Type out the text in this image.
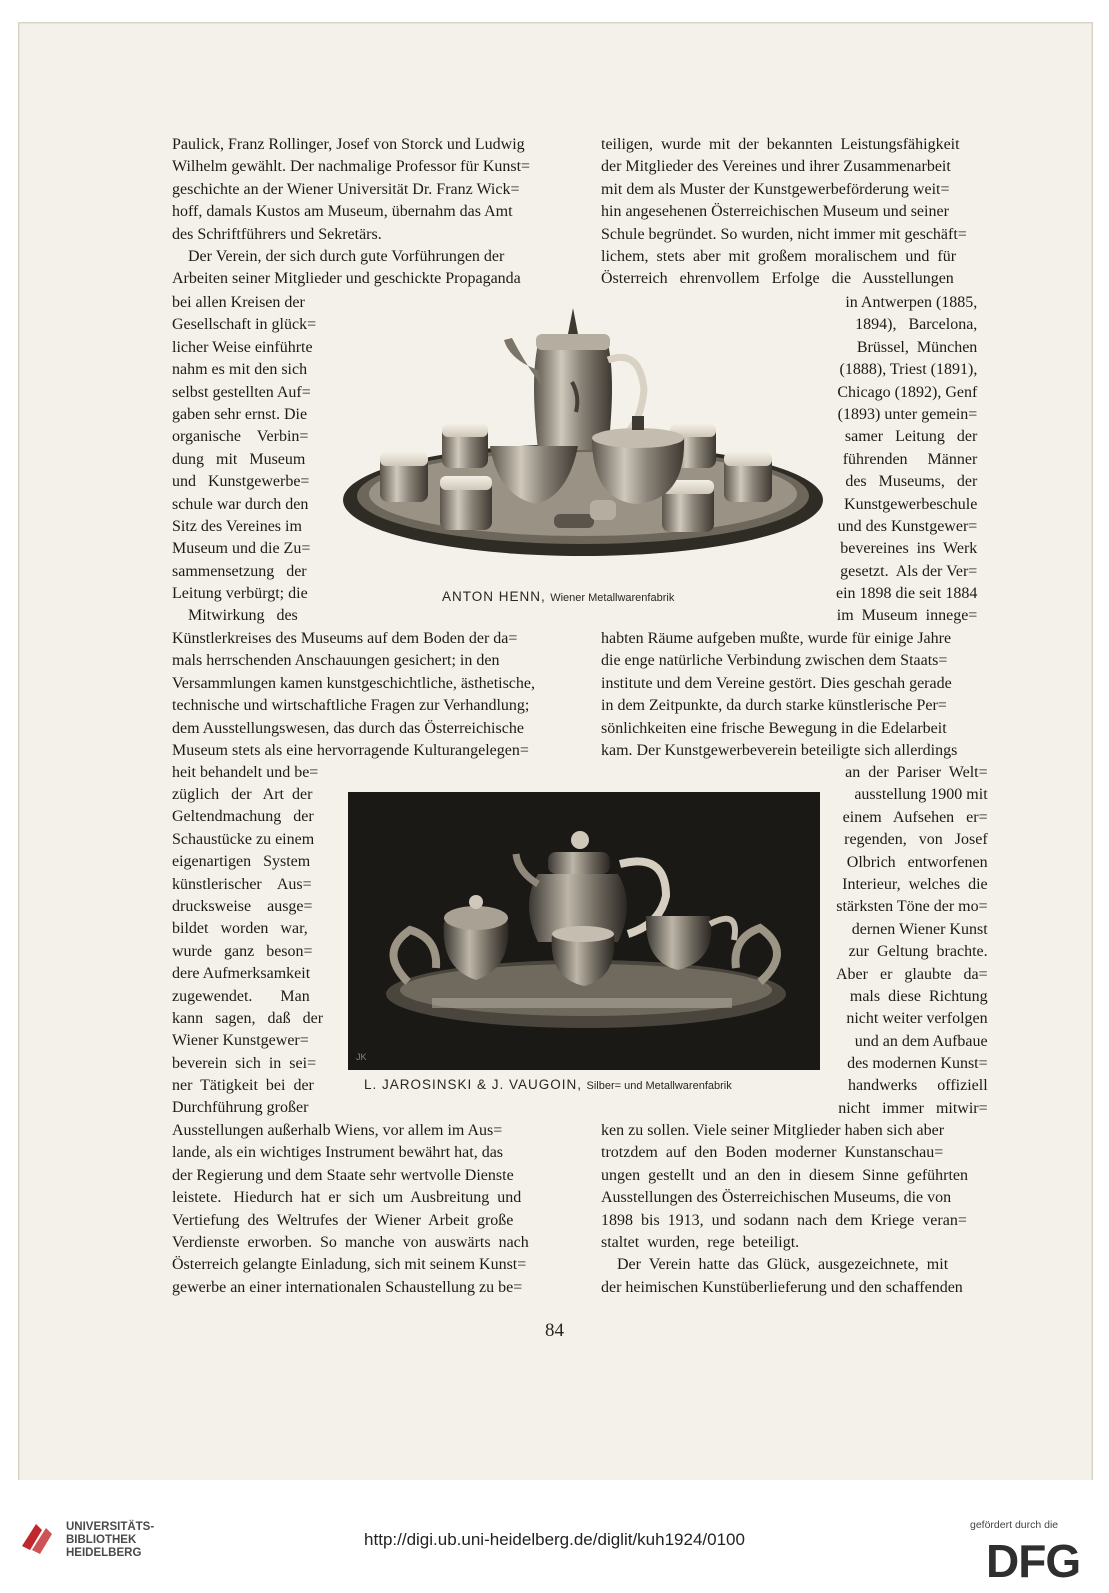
Paulick, Franz Rollinger, Josef von Storck und Ludwig
Wilhelm gewählt. Der nachmalige Professor für Kunst=
geschichte an der Wiener Universität Dr. Franz Wick=
hoff, damals Kustos am Museum, übernahm das Amt
des Schriftführers und Sekretärs.
Der Verein, der sich durch gute Vorführungen der
Arbeiten seiner Mitglieder und geschickte Propaganda
bei allen Kreisen der
Gesellschaft in glück=
licher Weise einführte
nahm es mit den sich
selbst gestellten Auf=
gaben sehr ernst. Die
organische    Verbin=
dung   mit   Museum
und   Kunstgewerbe=
schule war durch den
Sitz des Vereines im
Museum und die Zu=
sammensetzung   der
Leitung verbürgt; die
Mitwirkung   des
Künstlerkreises des Museums auf dem Boden der da=
mals herrschenden Anschauungen gesichert; in den
Versammlungen kamen kunstgeschichtliche, ästhetische,
technische und wirtschaftliche Fragen zur Verhandlung;
dem Ausstellungswesen, das durch das Österreichische
Museum stets als eine hervorragende Kulturangelegen=
heit behandelt und be=
züglich   der   Art  der
Geltendmachung   der
Schaustücke zu einem
eigenartigen   System
künstlerischer    Aus=
drucksweise    ausge=
bildet   worden   war,
wurde   ganz   beson=
dere Aufmerksamkeit
zugewendet.       Man
kann   sagen,   daß   der
Wiener Kunstgewer=
beverein  sich  in  sei=
ner  Tätigkeit  bei  der
Durchführung großer
Ausstellungen außerhalb Wiens, vor allem im Aus=
lande, als ein wichtiges Instrument bewährt hat, das
der Regierung und dem Staate sehr wertvolle Dienste
leistete.   Hiedurch  hat  er  sich  um  Ausbreitung  und
Vertiefung  des  Weltrufes  der  Wiener  Arbeit  große
Verdienste  erworben.  So  manche  von  auswärts  nach
Österreich gelangte Einladung, sich mit seinem Kunst=
gewerbe an einer internationalen Schaustellung zu be=
teiligen,  wurde  mit  der  bekannten  Leistungsfähigkeit
der Mitglieder des Vereines und ihrer Zusammenarbeit
mit dem als Muster der Kunstgewerbeförderung weit=
hin angesehenen Österreichischen Museum und seiner
Schule begründet. So wurden, nicht immer mit geschäft=
lichem,  stets  aber  mit  großem  moralischem  und  für
Österreich   ehrenvollem   Erfolge   die   Ausstellungen
in Antwerpen (1885,
1894),   Barcelona,
Brüssel,  München
(1888), Triest (1891),
Chicago (1892), Genf
(1893) unter gemein=
samer   Leitung   der
führenden     Männer
des   Museums,   der
Kunstgewerbeschule
und des Kunstgewer=
bevereines  ins  Werk
gesetzt.  Als der Ver=
ein 1898 die seit 1884
im  Museum  innege=
habten Räume aufgeben mußte, wurde für einige Jahre
die enge natürliche Verbindung zwischen dem Staats=
institute und dem Vereine gestört. Dies geschah gerade
in dem Zeitpunkte, da durch starke künstlerische Per=
sönlichkeiten eine frische Bewegung in die Edelarbeit
kam. Der Kunstgewerbeverein beteiligte sich allerdings
an  der  Pariser  Welt=
ausstellung 1900 mit
einem   Aufsehen   er=
regenden,   von   Josef
Olbrich   entworfenen
Interieur,  welches  die
stärksten Töne der mo=
dernen Wiener Kunst
zur  Geltung  brachte.
Aber   er   glaubte   da=
mals  diese  Richtung
nicht weiter verfolgen
und an dem Aufbaue
des modernen Kunst=
handwerks     offiziell
nicht   immer   mitwir=
ken zu sollen. Viele seiner Mitglieder haben sich aber
trotzdem  auf  den  Boden  moderner  Kunstanschau=
ungen  gestellt  und  an  den  in  diesem  Sinne  geführten
Ausstellungen des Österreichischen Museums, die von
1898  bis  1913,  und  sodann  nach  dem  Kriege  veran=
staltet  wurden,  rege  beteiligt.
Der  Verein  hatte  das  Glück,  ausgezeichnete,  mit
der heimischen Kunstüberlieferung und den schaffenden
ANTON HENN, Wiener Metallwarenfabrik
JK
L. JAROSINSKI & J. VAUGOIN, Silber= und Metallwarenfabrik
84
UNIVERSITÄTS-
BIBLIOTHEK
HEIDELBERG
http://digi.ub.uni-heidelberg.de/diglit/kuh1924/0100
gefördert durch die
DFG
